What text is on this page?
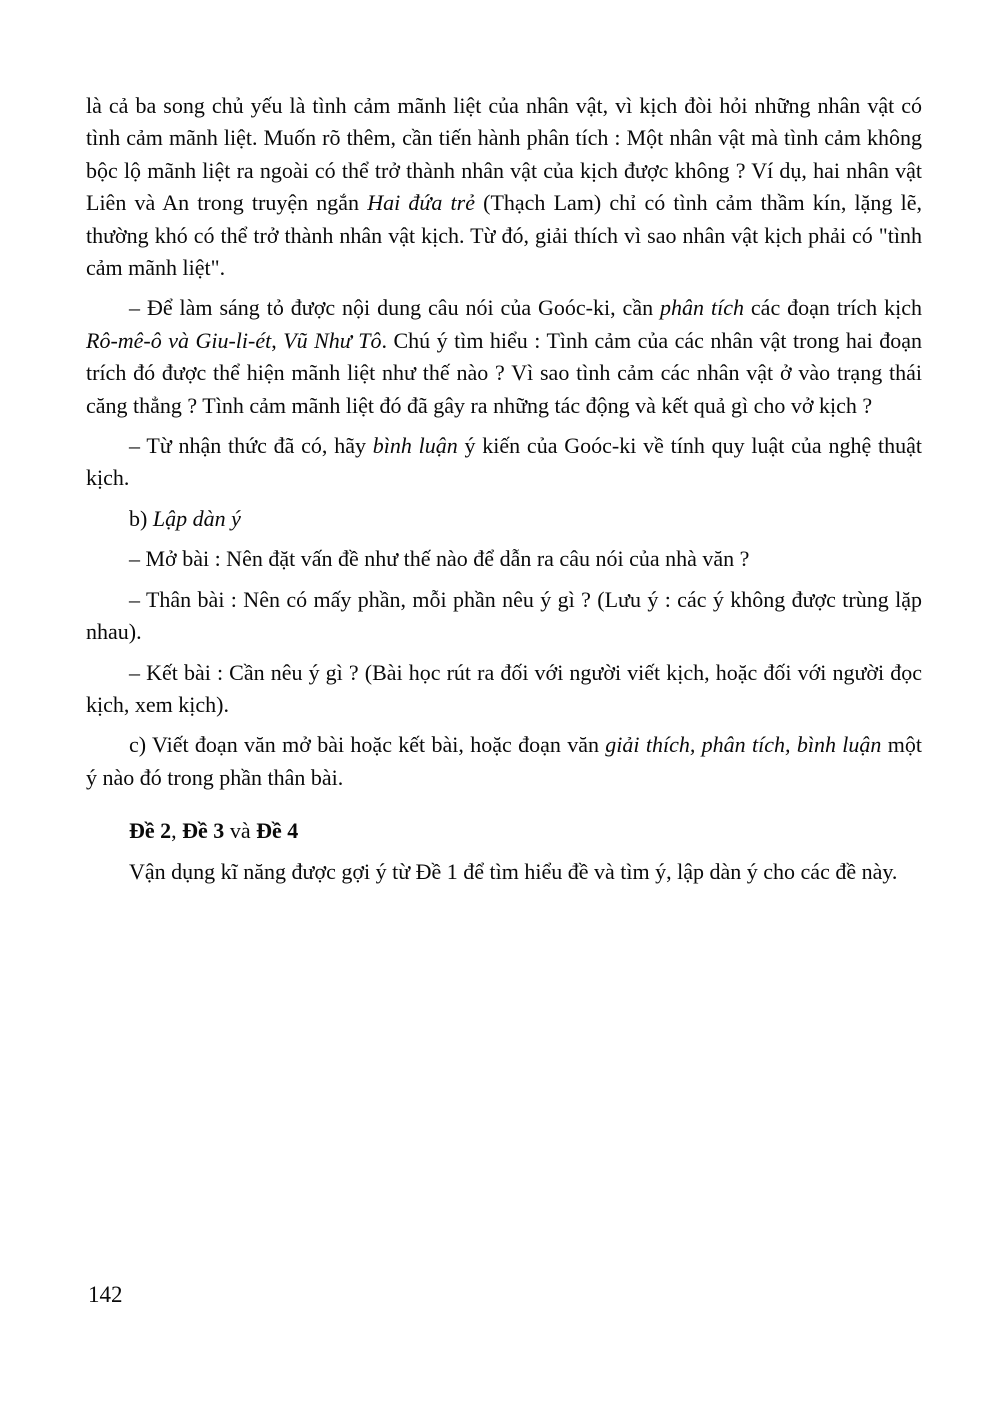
là cả ba song chủ yếu là tình cảm mãnh liệt của nhân vật, vì kịch đòi hỏi những nhân vật có tình cảm mãnh liệt. Muốn rõ thêm, cần tiến hành phân tích : Một nhân vật mà tình cảm không bộc lộ mãnh liệt ra ngoài có thể trở thành nhân vật của kịch được không ? Ví dụ, hai nhân vật Liên và An trong truyện ngắn Hai đứa trẻ (Thạch Lam) chỉ có tình cảm thầm kín, lặng lẽ, thường khó có thể trở thành nhân vật kịch. Từ đó, giải thích vì sao nhân vật kịch phải có "tình cảm mãnh liệt".

– Để làm sáng tỏ được nội dung câu nói của Goóc-ki, cần phân tích các đoạn trích kịch Rô-mê-ô và Giu-li-ét, Vũ Như Tô. Chú ý tìm hiểu : Tình cảm của các nhân vật trong hai đoạn trích đó được thể hiện mãnh liệt như thế nào ? Vì sao tình cảm các nhân vật ở vào trạng thái căng thẳng ? Tình cảm mãnh liệt đó đã gây ra những tác động và kết quả gì cho vở kịch ?

– Từ nhận thức đã có, hãy bình luận ý kiến của Goóc-ki về tính quy luật của nghệ thuật kịch.

b) Lập dàn ý

– Mở bài : Nên đặt vấn đề như thế nào để dẫn ra câu nói của nhà văn ?

– Thân bài : Nên có mấy phần, mỗi phần nêu ý gì ? (Lưu ý : các ý không được trùng lặp nhau).

– Kết bài : Cần nêu ý gì ? (Bài học rút ra đối với người viết kịch, hoặc đối với người đọc kịch, xem kịch).

c) Viết đoạn văn mở bài hoặc kết bài, hoặc đoạn văn giải thích, phân tích, bình luận một ý nào đó trong phần thân bài.

Đề 2, Đề 3 và Đề 4

Vận dụng kĩ năng được gợi ý từ Đề 1 để tìm hiểu đề và tìm ý, lập dàn ý cho các đề này.

142
